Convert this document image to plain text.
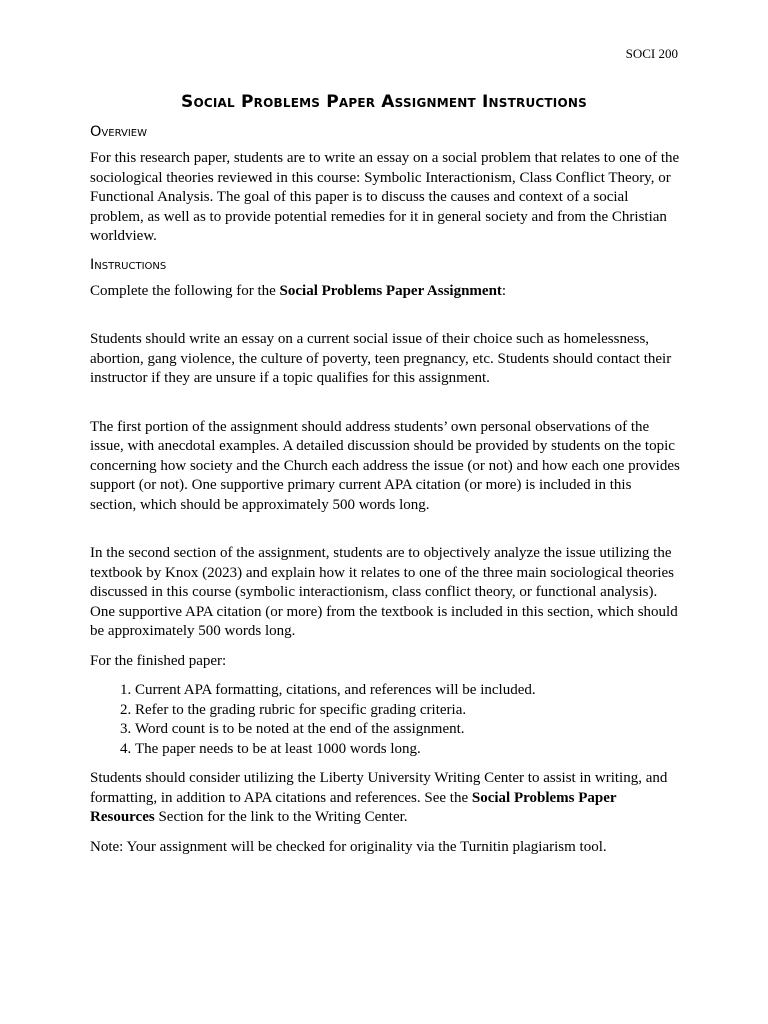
SOCI 200
Social Problems Paper Assignment Instructions
Overview

For this research paper, students are to write an essay on a social problem that relates to one of the sociological theories reviewed in this course: Symbolic Interactionism, Class Conflict Theory, or Functional Analysis. The goal of this paper is to discuss the causes and context of a social problem, as well as to provide potential remedies for it in general society and from the Christian worldview.

Instructions

Complete the following for the Social Problems Paper Assignment:

Students should write an essay on a current social issue of their choice such as homelessness, abortion, gang violence, the culture of poverty, teen pregnancy, etc. Students should contact their instructor if they are unsure if a topic qualifies for this assignment.

The first portion of the assignment should address students’ own personal observations of the issue, with anecdotal examples. A detailed discussion should be provided by students on the topic concerning how society and the Church each address the issue (or not) and how each one provides support (or not). One supportive primary current APA citation (or more) is included in this section, which should be approximately 500 words long.

In the second section of the assignment, students are to objectively analyze the issue utilizing the textbook by Knox (2023) and explain how it relates to one of the three main sociological theories discussed in this course (symbolic interactionism, class conflict theory, or functional analysis). One supportive APA citation (or more) from the textbook is included in this section, which should be approximately 500 words long.

For the finished paper:

1. Current APA formatting, citations, and references will be included.
2. Refer to the grading rubric for specific grading criteria.
3. Word count is to be noted at the end of the assignment.
4. The paper needs to be at least 1000 words long.

Students should consider utilizing the Liberty University Writing Center to assist in writing, and formatting, in addition to APA citations and references. See the Social Problems Paper Resources Section for the link to the Writing Center.

Note: Your assignment will be checked for originality via the Turnitin plagiarism tool.
